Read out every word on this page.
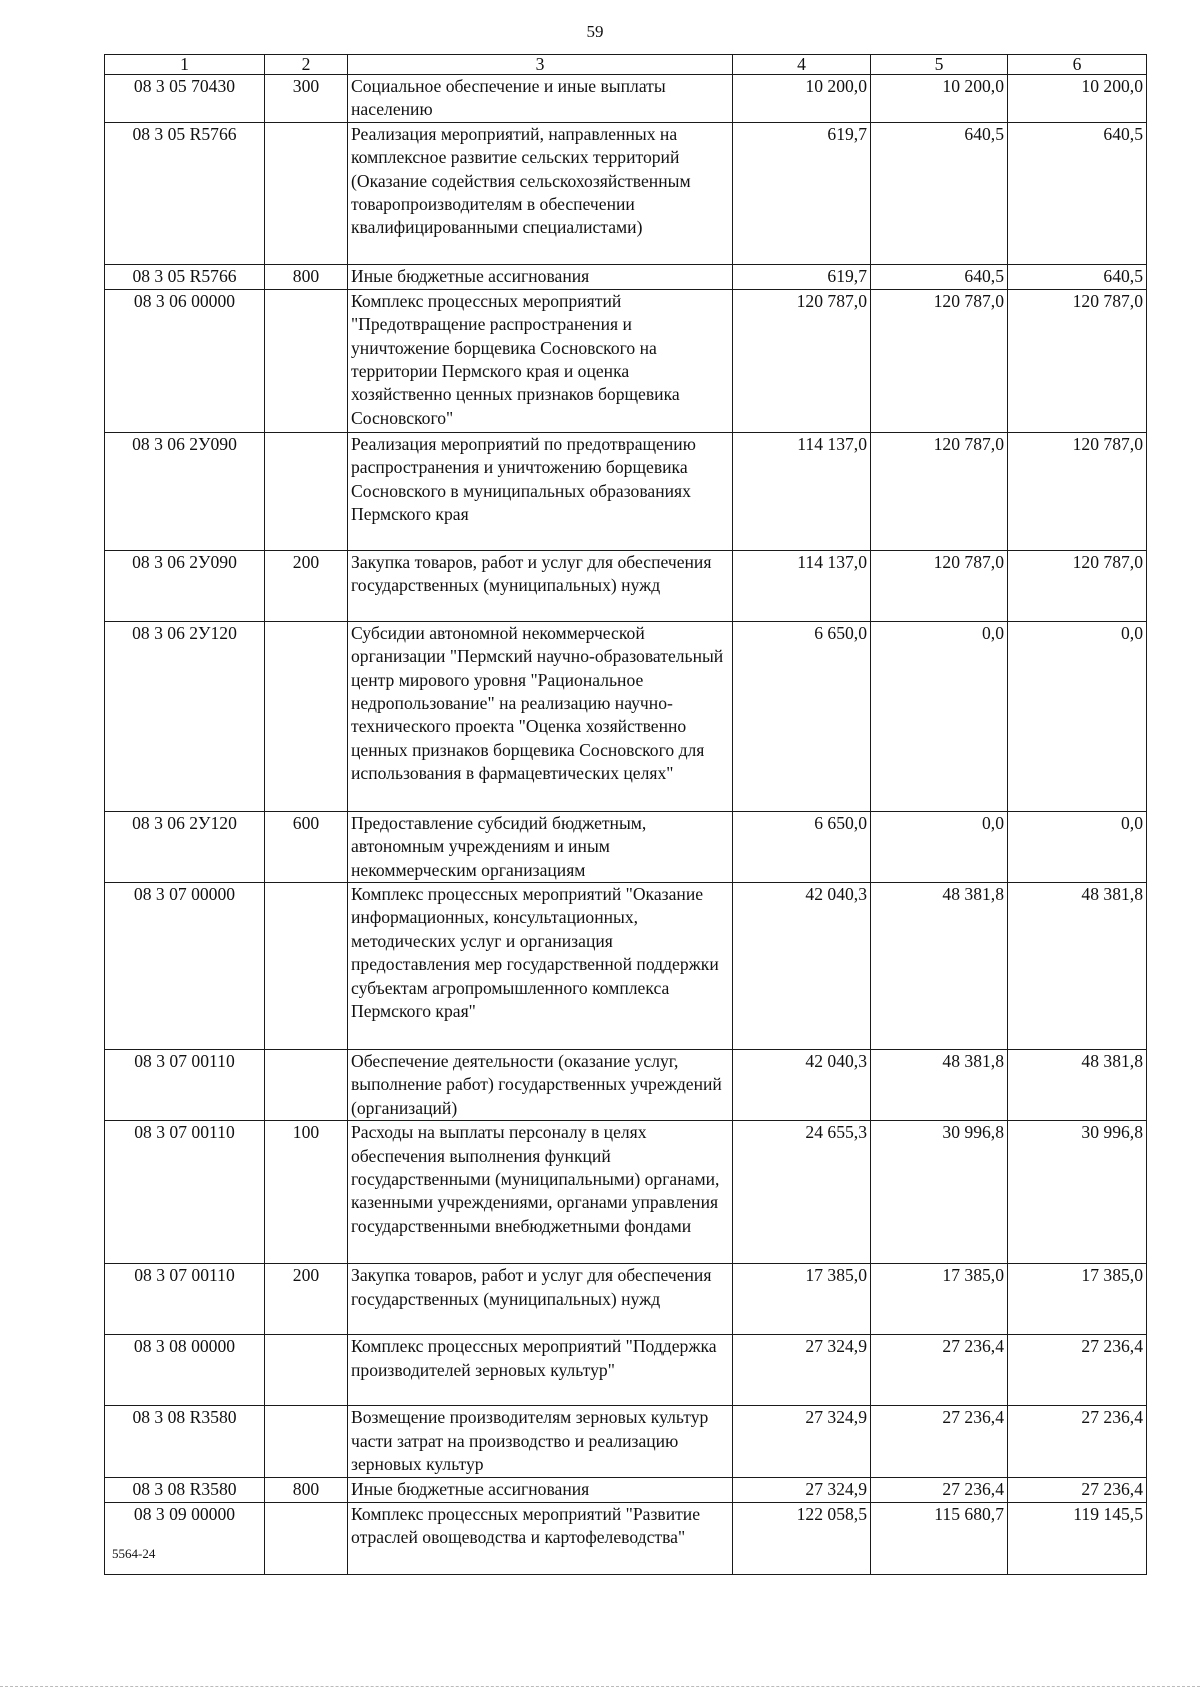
59
1	2	3	4	5	6
08 3 05 70430	300	Социальное обеспечение и иные выплаты населению	10 200,0	10 200,0	10 200,0
08 3 05 R5766		Реализация мероприятий, направленных на комплексное развитие сельских территорий (Оказание содействия сельскохозяйственным товаропроизводителям в обеспечении квалифицированными специалистами)	619,7	640,5	640,5
08 3 05 R5766	800	Иные бюджетные ассигнования	619,7	640,5	640,5
08 3 06 00000		Комплекс процессных мероприятий "Предотвращение распространения и уничтожение борщевика Сосновского на территории Пермского края и оценка хозяйственно ценных признаков борщевика Сосновского"	120 787,0	120 787,0	120 787,0
08 3 06 2У090		Реализация мероприятий по предотвращению распространения и уничтожению борщевика Сосновского в муниципальных образованиях Пермского края	114 137,0	120 787,0	120 787,0
08 3 06 2У090	200	Закупка товаров, работ и услуг для обеспечения государственных (муниципальных) нужд	114 137,0	120 787,0	120 787,0
08 3 06 2У120		Субсидии автономной некоммерческой организации "Пермский научно-образовательный центр мирового уровня "Рациональное недропользование" на реализацию научно-технического проекта "Оценка хозяйственно ценных признаков борщевика Сосновского для использования в фармацевтических целях"	6 650,0	0,0	0,0
08 3 06 2У120	600	Предоставление субсидий бюджетным, автономным учреждениям и иным некоммерческим организациям	6 650,0	0,0	0,0
08 3 07 00000		Комплекс процессных мероприятий "Оказание информационных, консультационных, методических услуг и организация предоставления мер государственной поддержки субъектам агропромышленного комплекса Пермского края"	42 040,3	48 381,8	48 381,8
08 3 07 00110		Обеспечение деятельности (оказание услуг, выполнение работ) государственных учреждений (организаций)	42 040,3	48 381,8	48 381,8
08 3 07 00110	100	Расходы на выплаты персоналу в целях обеспечения выполнения функций государственными (муниципальными) органами, казенными учреждениями, органами управления государственными внебюджетными фондами	24 655,3	30 996,8	30 996,8
08 3 07 00110	200	Закупка товаров, работ и услуг для обеспечения государственных (муниципальных) нужд	17 385,0	17 385,0	17 385,0
08 3 08 00000		Комплекс процессных мероприятий "Поддержка производителей зерновых культур"	27 324,9	27 236,4	27 236,4
08 3 08 R3580		Возмещение производителям зерновых культур части затрат на производство и реализацию зерновых культур	27 324,9	27 236,4	27 236,4
08 3 08 R3580	800	Иные бюджетные ассигнования	27 324,9	27 236,4	27 236,4
08 3 09 00000		Комплекс процессных мероприятий "Развитие отраслей овощеводства и картофелеводства"	122 058,5	115 680,7	119 145,5
5564-24
